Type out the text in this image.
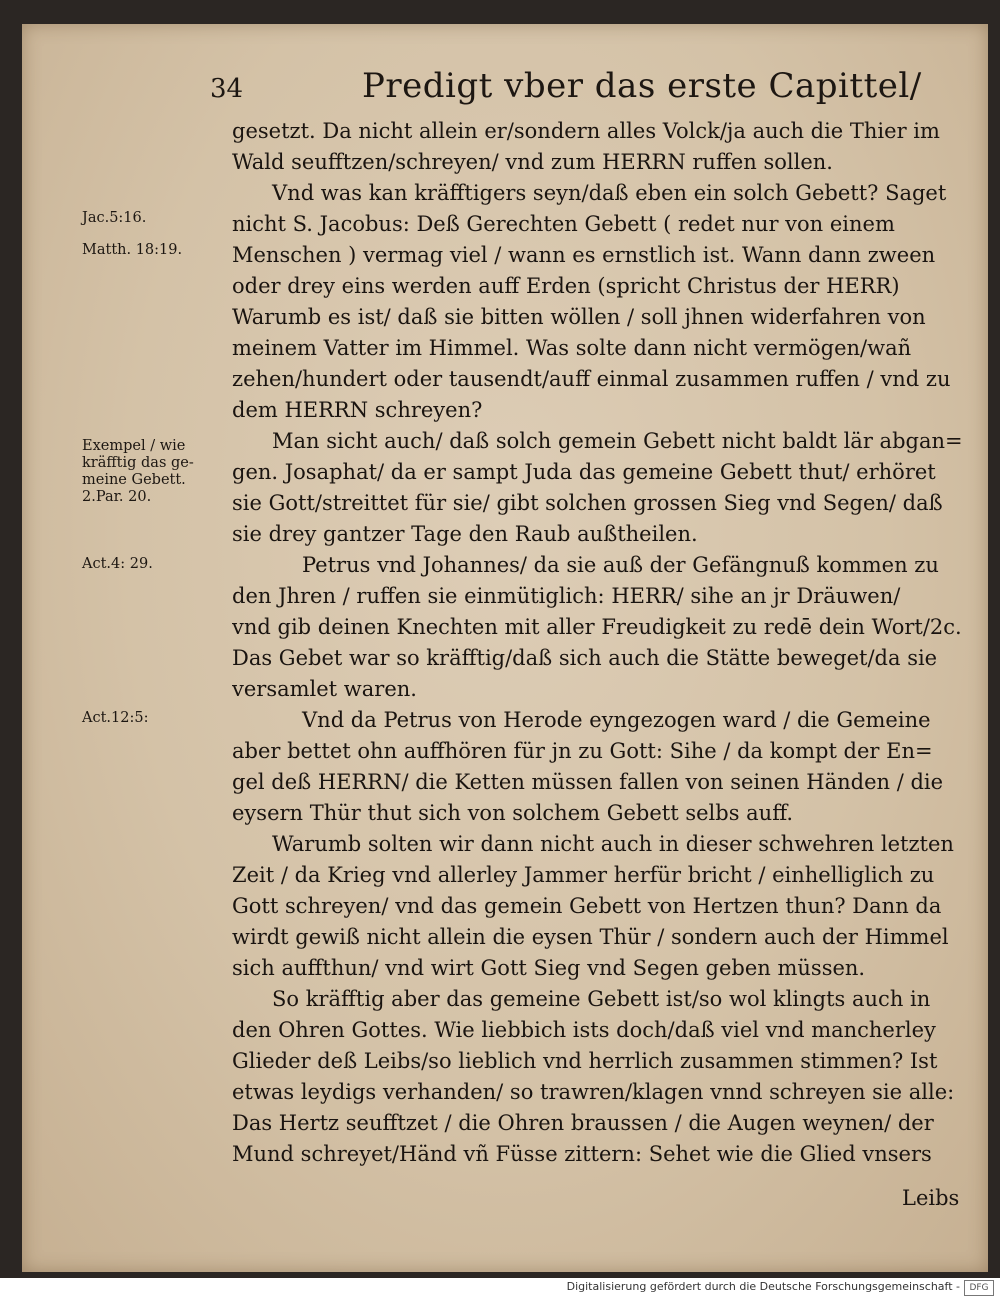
34	Predigt vber das erste Capittel/
Jac.5:16.
Matth. 18:19.
Exempel / wie
kräfftig das ge-
meine Gebett.
2.Par. 20.
Act.4: 29.
Act.12:5:
gesetzt. Da nicht allein er/sondern alles Volck/ja auch die Thier im
Wald seufftzen/schreyen/ vnd zum HERRN ruffen sollen.
Vnd was kan kräfftigers seyn/daß eben ein solch Gebett? Saget
nicht S. Jacobus: Deß Gerechten Gebett ( redet nur von einem
Menschen ) vermag viel / wann es ernstlich ist. Wann dann zween
oder drey eins werden auff Erden (spricht Christus der HERR)
Warumb es ist/ daß sie bitten wöllen / soll jhnen widerfahren von
meinem Vatter im Himmel. Was solte dann nicht vermögen/wañ
zehen/hundert oder tausendt/auff einmal zusammen ruffen / vnd zu
dem HERRN schreyen?
Man sicht auch/ daß solch gemein Gebett nicht baldt lär abgan=
gen. Josaphat/ da er sampt Juda das gemeine Gebett thut/ erhöret
sie Gott/streittet für sie/ gibt solchen grossen Sieg vnd Segen/ daß
sie drey gantzer Tage den Raub außtheilen.
Petrus vnd Johannes/ da sie auß der Gefängnuß kommen zu
den Jhren / ruffen sie einmütiglich: HERR/ sihe an jr Dräuwen/
vnd gib deinen Knechten mit aller Freudigkeit zu redē dein Wort/2c.
Das Gebet war so kräfftig/daß sich auch die Stätte beweget/da sie
versamlet waren.
Vnd da Petrus von Herode eyngezogen ward / die Gemeine
aber bettet ohn auffhören für jn zu Gott: Sihe / da kompt der En=
gel deß HERRN/ die Ketten müssen fallen von seinen Händen / die
eysern Thür thut sich von solchem Gebett selbs auff.
Warumb solten wir dann nicht auch in dieser schwehren letzten
Zeit / da Krieg vnd allerley Jammer herfür bricht / einhelliglich zu
Gott schreyen/ vnd das gemein Gebett von Hertzen thun? Dann da
wirdt gewiß nicht allein die eysen Thür / sondern auch der Himmel
sich auffthun/ vnd wirt Gott Sieg vnd Segen geben müssen.
So kräfftig aber das gemeine Gebett ist/so wol klingts auch in
den Ohren Gottes. Wie liebbich ists doch/daß viel vnd mancherley
Glieder deß Leibs/so lieblich vnd herrlich zusammen stimmen? Ist
etwas leydigs verhanden/ so trawren/klagen vnnd schreyen sie alle:
Das Hertz seufftzet / die Ohren braussen / die Augen weynen/ der
Mund schreyet/Händ vñ Füsse zittern: Sehet wie die Glied vnsers
Leibs
Digitalisierung gefördert durch die Deutsche Forschungsgemeinschaft -	DFG
